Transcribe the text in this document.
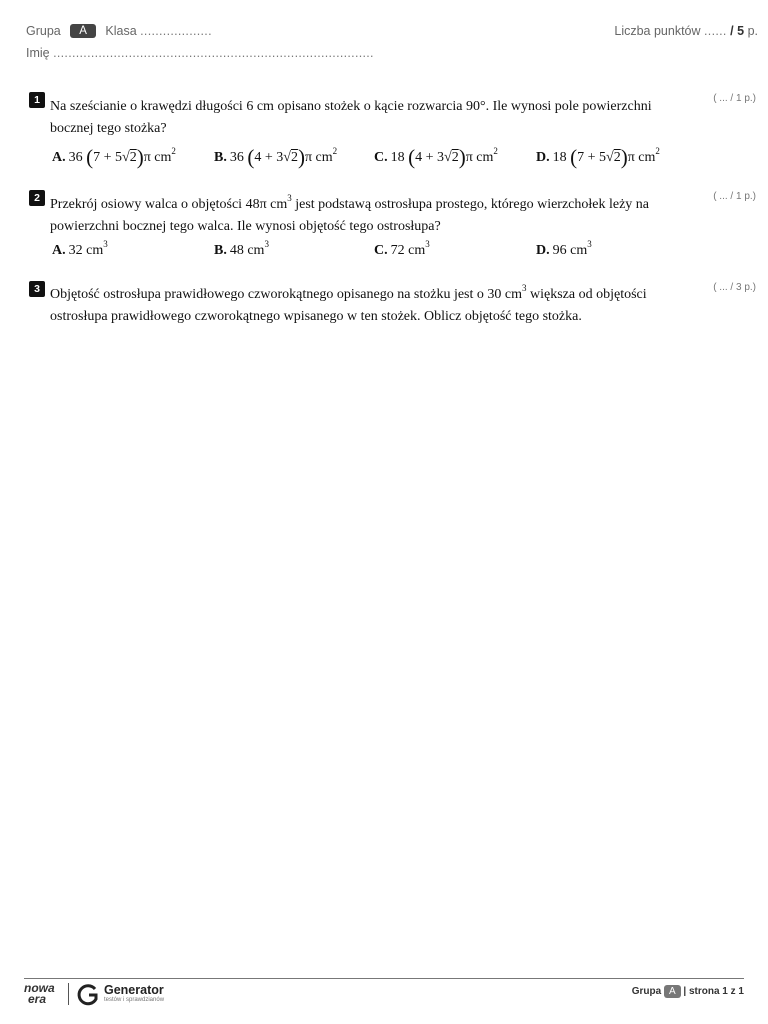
Grupa A Klasa ...................	Liczba punktów ...... / 5 p.
Imię .....................................................................................
1	( ... / 1 p.)
Na sześcianie o krawędzi długości 6 cm opisano stożek o kącie rozwarcia 90°. Ile wynosi pole powierzchni bocznej tego stożka?
A. 36 (7 + 5√2)π $cm^2$	B. 36 (4 + 3√2)π $cm^2$	C. 18 (4 + 3√2)π $cm^2$	D. 18 (7 + 5√2)π $cm^2$
2	( ... / 1 p.)
Przekrój osiowy walca o objętości 48π $cm^3$ jest podstawą ostrosłupa prostego, którego wierzchołek leży na powierzchni bocznej tego walca. Ile wynosi objętość tego ostrosłupa?
A. 32 $cm^3$	B. 48 $cm^3$	C. 72 $cm^3$	D. 96 $cm^3$
3	( ... / 3 p.)
Objętość ostrosłupa prawidłowego czworokątnego opisanego na stożku jest o 30 $cm^3$ większa od objętości ostrosłupa prawidłowego czworokątnego wpisanego w ten stożek. Oblicz objętość tego stożka.
nowa
era
Generator
testów i sprawdzianów
Grupa A | strona 1 z 1
